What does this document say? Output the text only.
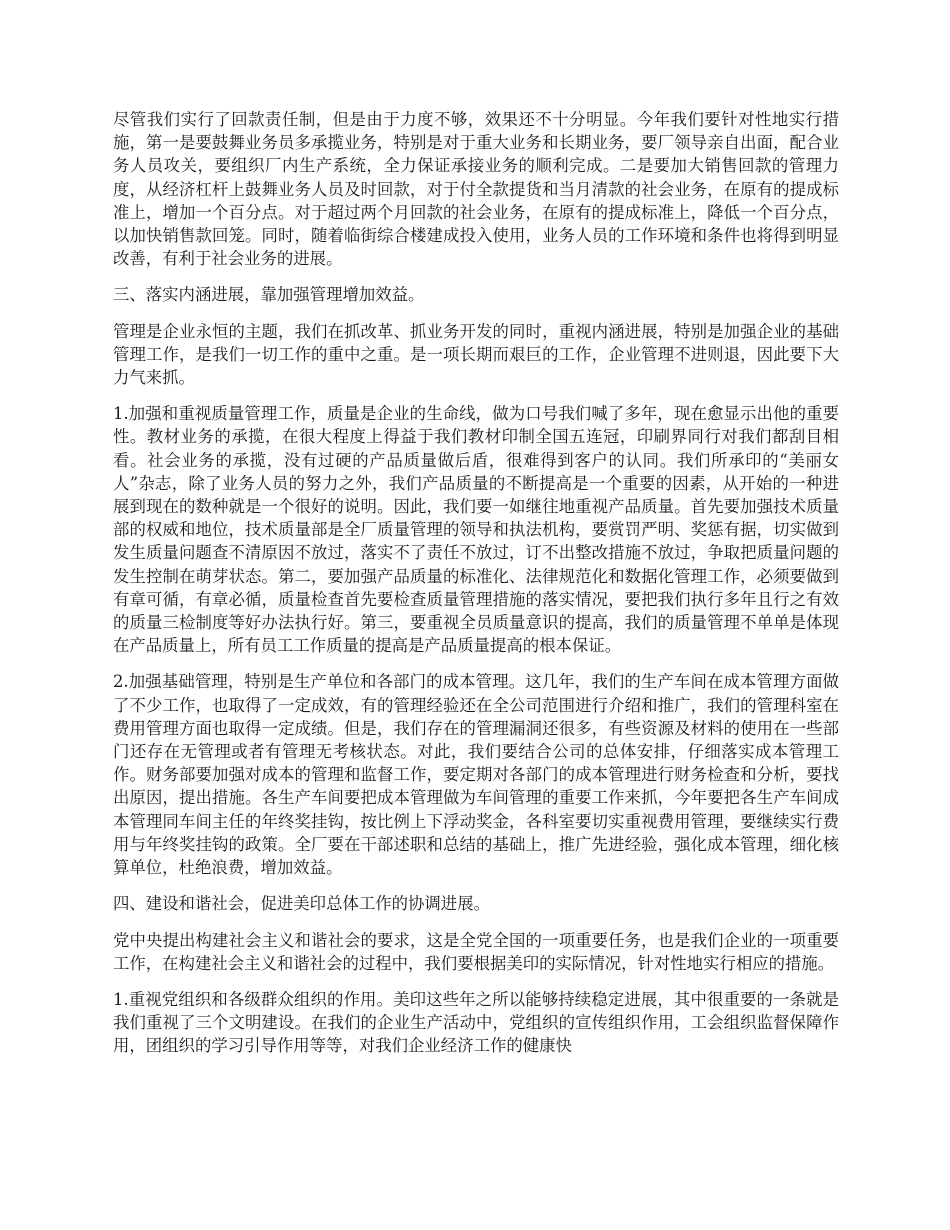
尽管我们实行了回款责任制，但是由于力度不够，效果还不十分明显。今年我们要针对性地实行措施，第一是要鼓舞业务员多承揽业务，特别是对于重大业务和长期业务，要厂领导亲自出面，配合业务人员攻关，要组织厂内生产系统，全力保证承接业务的顺利完成。二是要加大销售回款的管理力度，从经济杠杆上鼓舞业务人员及时回款，对于付全款提货和当月清款的社会业务，在原有的提成标准上，增加一个百分点。对于超过两个月回款的社会业务，在原有的提成标准上，降低一个百分点，以加快销售款回笼。同时，随着临街综合楼建成投入使用，业务人员的工作环境和条件也将得到明显改善，有利于社会业务的进展。

三、落实内涵进展，靠加强管理增加效益。

管理是企业永恒的主题，我们在抓改革、抓业务开发的同时，重视内涵进展，特别是加强企业的基础管理工作，是我们一切工作的重中之重。是一项长期而艰巨的工作，企业管理不进则退，因此要下大力气来抓。

1.加强和重视质量管理工作，质量是企业的生命线，做为口号我们喊了多年，现在愈显示出他的重要性。教材业务的承揽，在很大程度上得益于我们教材印制全国五连冠，印刷界同行对我们都刮目相看。社会业务的承揽，没有过硬的产品质量做后盾，很难得到客户的认同。我们所承印的“美丽女人”杂志，除了业务人员的努力之外，我们产品质量的不断提高是一个重要的因素，从开始的一种进展到现在的数种就是一个很好的说明。因此，我们要一如继往地重视产品质量。首先要加强技术质量部的权威和地位，技术质量部是全厂质量管理的领导和执法机构，要赏罚严明、奖惩有据，切实做到发生质量问题查不清原因不放过，落实不了责任不放过，订不出整改措施不放过，争取把质量问题的发生控制在萌芽状态。第二，要加强产品质量的标准化、法律规范化和数据化管理工作，必须要做到有章可循，有章必循，质量检查首先要检查质量管理措施的落实情况，要把我们执行多年且行之有效的质量三检制度等好办法执行好。第三，要重视全员质量意识的提高，我们的质量管理不单单是体现在产品质量上，所有员工工作质量的提高是产品质量提高的根本保证。

2.加强基础管理，特别是生产单位和各部门的成本管理。这几年，我们的生产车间在成本管理方面做了不少工作，也取得了一定成效，有的管理经验还在全公司范围进行介绍和推广，我们的管理科室在费用管理方面也取得一定成绩。但是，我们存在的管理漏洞还很多，有些资源及材料的使用在一些部门还存在无管理或者有管理无考核状态。对此，我们要结合公司的总体安排，仔细落实成本管理工作。财务部要加强对成本的管理和监督工作，要定期对各部门的成本管理进行财务检查和分析，要找出原因，提出措施。各生产车间要把成本管理做为车间管理的重要工作来抓，今年要把各生产车间成本管理同车间主任的年终奖挂钩，按比例上下浮动奖金，各科室要切实重视费用管理，要继续实行费用与年终奖挂钩的政策。全厂要在干部述职和总结的基础上，推广先进经验，强化成本管理，细化核算单位，杜绝浪费，增加效益。

四、建设和谐社会，促进美印总体工作的协调进展。

党中央提出构建社会主义和谐社会的要求，这是全党全国的一项重要任务，也是我们企业的一项重要工作，在构建社会主义和谐社会的过程中，我们要根据美印的实际情况，针对性地实行相应的措施。

1.重视党组织和各级群众组织的作用。美印这些年之所以能够持续稳定进展，其中很重要的一条就是我们重视了三个文明建设。在我们的企业生产活动中，党组织的宣传组织作用，工会组织监督保障作用，团组织的学习引导作用等等，对我们企业经济工作的健康快
